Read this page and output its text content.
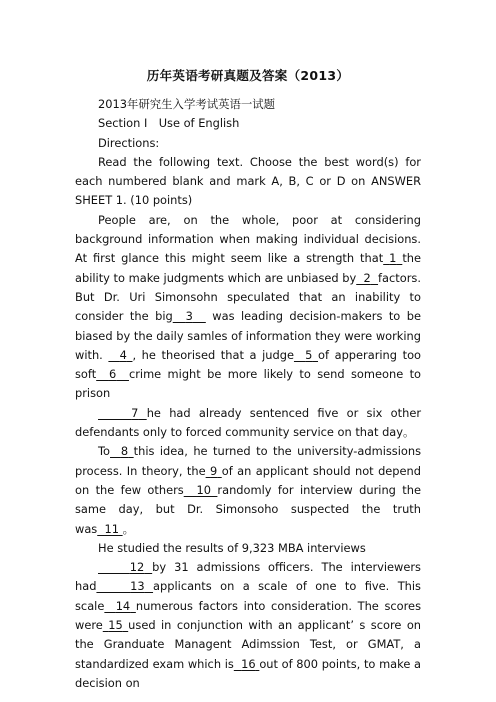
历年英语考研真题及答案（2013）

2013年研究生入学考试英语一试题

Section I　Use of English

Directions:

Read the following text. Choose the best word(s) for each numbered blank and mark A, B, C or D on ANSWER SHEET 1. (10 points)

People are, on the whole, poor at considering background information when making individual decisions. At first glance this might seem like a strength that 1 the ability to make judgments which are unbiased by 2 factors. But Dr. Uri Simonsohn speculated that an inability to consider the big 3 was leading decision-makers to be biased by the daily samles of information they were working with. 4 , he theorised that a judge 5 of apperaring too soft 6 crime might be more likely to send someone to prison

7 he had already sentenced five or six other defendants only to forced community service on that day。

To 8 this idea, he turned to the university-admissions process. In theory, the 9 of an applicant should not depend on the few others 10 randomly for interview during the same day, but Dr. Simonsoho suspected the truth was 11 。

He studied the results of 9,323 MBA interviews

12 by 31 admissions officers. The interviewers had	13 applicants on a scale of one to five. This scale 14 numerous factors into consideration. The scores were 15 used in conjunction with an applicant’ s score on the Granduate Managent Adimssion Test, or GMAT, a standardized exam which is 16 out of 800 points, to make a decision on
